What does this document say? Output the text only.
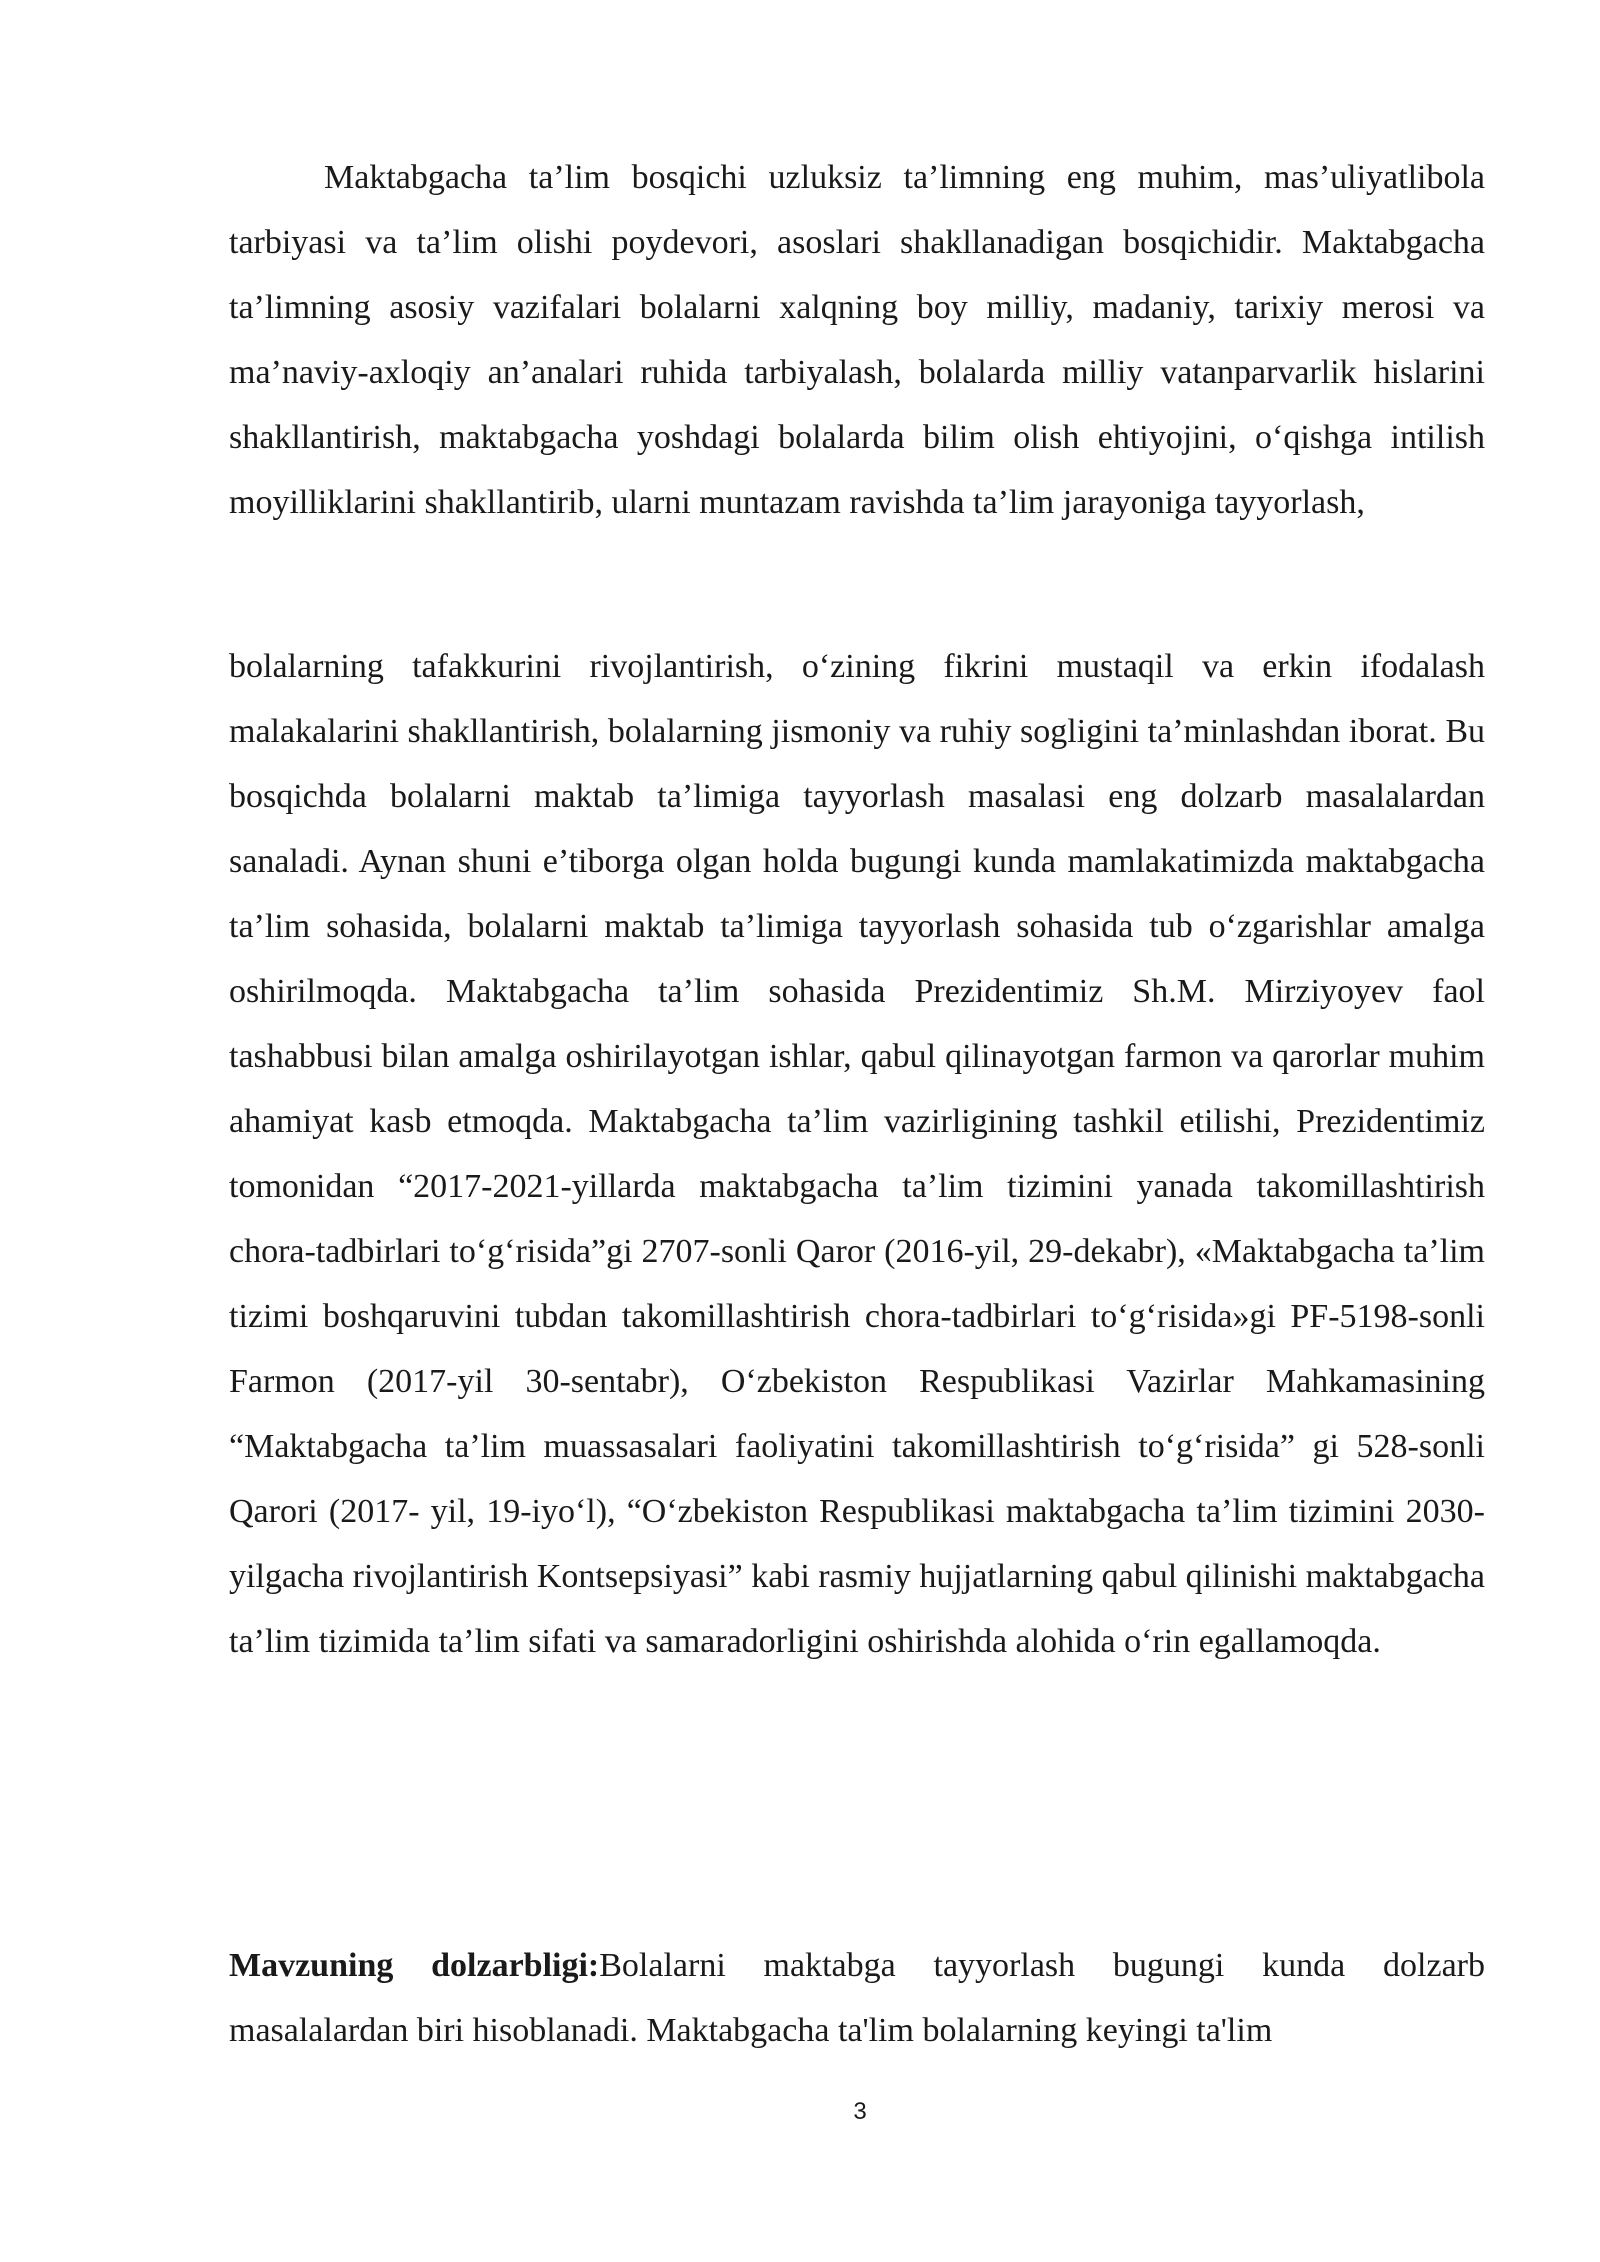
Maktabgacha ta’lim bosqichi uzluksiz ta’limning eng muhim, mas’uliyatlibola tarbiyasi va ta’lim olishi poydevori, asoslari shakllanadigan bosqichidir. Maktabgacha ta’limning asosiy vazifalari bolalarni xalqning boy milliy, madaniy, tarixiy merosi va ma’naviy-axloqiy an’analari ruhida tarbiyalash, bolalarda milliy vatanparvarlik hislarini shakllantirish, maktabgacha yoshdagi bolalarda bilim olish ehtiyojini, o‘qishga intilish moyilliklarini shakllantirib, ularni muntazam ravishda ta’lim jarayoniga tayyorlash,

bolalarning tafakkurini rivojlantirish, o‘zining fikrini mustaqil va erkin ifodalash malakalarini shakllantirish, bolalarning jismoniy va ruhiy sogligini ta’minlashdan iborat. Bu bosqichda bolalarni maktab ta’limiga tayyorlash masalasi eng dolzarb masalalardan sanaladi. Aynan shuni e’tiborga olgan holda bugungi kunda mamlakatimizda maktabgacha ta’lim sohasida, bolalarni maktab ta’limiga tayyorlash sohasida tub o‘zgarishlar amalga oshirilmoqda. Maktabgacha ta’lim sohasida Prezidentimiz Sh.M. Mirziyoyev faol tashabbusi bilan amalga oshirilayotgan ishlar, qabul qilinayotgan farmon va qarorlar muhim ahamiyat kasb etmoqda. Maktabgacha ta’lim vazirligining tashkil etilishi, Prezidentimiz tomonidan “2017-2021-yillarda maktabgacha ta’lim tizimini yanada takomillashtirish chora-tadbirlari to‘g‘risida”gi 2707-sonli Qaror (2016-yil, 29-dekabr), «Maktabgacha ta’lim tizimi boshqaruvini tubdan takomillashtirish chora-tadbirlari to‘g‘risida»gi PF-5198-sonli Farmon (2017-yil 30-sentabr), O‘zbekiston Respublikasi Vazirlar Mahkamasining “Maktabgacha ta’lim muassasalari faoliyatini takomillashtirish to‘g‘risida” gi 528-sonli Qarori (2017- yil, 19-iyo‘l), “O‘zbekiston Respublikasi maktabgacha ta’lim tizimini 2030-yilgacha rivojlantirish Kontsepsiyasi” kabi rasmiy hujjatlarning qabul qilinishi maktabgacha ta’lim tizimida ta’lim sifati va samaradorligini oshirishda alohida o‘rin egallamoqda.

Mavzuning dolzarbligi:Bolalarni maktabga tayyorlash bugungi kunda dolzarb masalalardan biri hisoblanadi. Maktabgacha ta'lim bolalarning keyingi ta'lim

3
